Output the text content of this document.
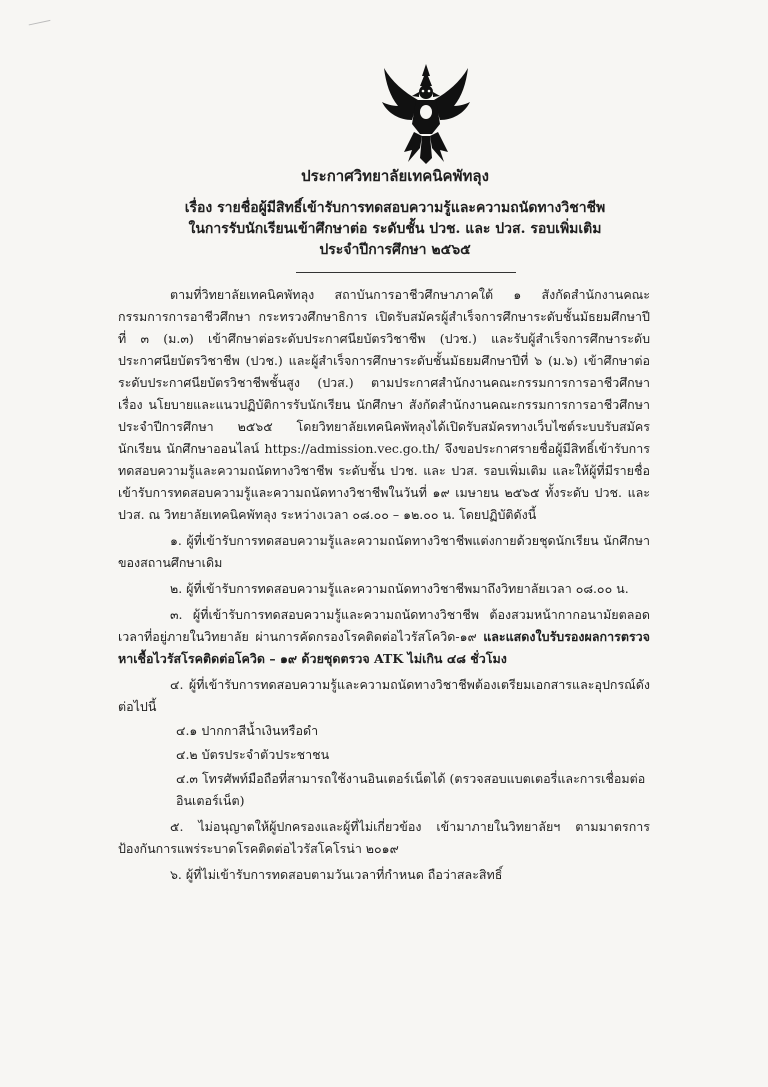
ประกาศวิทยาลัยเทคนิคพัทลุง

เรื่อง รายชื่อผู้มีสิทธิ์เข้ารับการทดสอบความรู้และความถนัดทางวิชาชีพ

ในการรับนักเรียนเข้าศึกษาต่อ ระดับชั้น ปวช. และ ปวส. รอบเพิ่มเติม

ประจำปีการศึกษา ๒๕๖๕

ตามที่วิทยาลัยเทคนิคพัทลุง สถาบันการอาชีวศึกษาภาคใต้ ๑ สังกัดสำนักงานคณะกรรมการการอาชีวศึกษา กระทรวงศึกษาธิการ เปิดรับสมัครผู้สำเร็จการศึกษาระดับชั้นมัธยมศึกษาปีที่ ๓ (ม.๓) เข้าศึกษาต่อระดับประกาศนียบัตรวิชาชีพ (ปวช.) และรับผู้สำเร็จการศึกษาระดับประกาศนียบัตรวิชาชีพ (ปวช.) และผู้สำเร็จการศึกษาระดับชั้นมัธยมศึกษาปีที่ ๖ (ม.๖) เข้าศึกษาต่อระดับประกาศนียบัตรวิชาชีพชั้นสูง (ปวส.) ตามประกาศสำนักงานคณะกรรมการการอาชีวศึกษา เรื่อง นโยบายและแนวปฏิบัติการรับนักเรียน นักศึกษา สังกัดสำนักงานคณะกรรมการการอาชีวศึกษา ประจำปีการศึกษา ๒๕๖๕ โดยวิทยาลัยเทคนิคพัทลุงได้เปิดรับสมัครทางเว็บไซต์ระบบรับสมัครนักเรียน นักศึกษาออนไลน์ https://admission.vec.go.th/ จึงขอประกาศรายชื่อผู้มีสิทธิ์เข้ารับการทดสอบความรู้และความถนัดทางวิชาชีพ ระดับชั้น ปวช. และ ปวส. รอบเพิ่มเติม และให้ผู้ที่มีรายชื่อเข้ารับการทดสอบความรู้และความถนัดทางวิชาชีพในวันที่ ๑๙ เมษายน ๒๕๖๕ ทั้งระดับ ปวช. และ ปวส. ณ วิทยาลัยเทคนิคพัทลุง ระหว่างเวลา ๐๘.๐๐ – ๑๒.๐๐ น. โดยปฏิบัติดังนี้

๑. ผู้ที่เข้ารับการทดสอบความรู้และความถนัดทางวิชาชีพแต่งกายด้วยชุดนักเรียน นักศึกษาของสถานศึกษาเดิม

๒. ผู้ที่เข้ารับการทดสอบความรู้และความถนัดทางวิชาชีพมาถึงวิทยาลัยเวลา ๐๘.๐๐ น.

๓. ผู้ที่เข้ารับการทดสอบความรู้และความถนัดทางวิชาชีพ ต้องสวมหน้ากากอนามัยตลอดเวลาที่อยู่ภายในวิทยาลัย ผ่านการคัดกรองโรคติดต่อไวรัสโควิด-๑๙ และแสดงใบรับรองผลการตรวจหาเชื้อไวรัสโรคติดต่อโควิด – ๑๙ ด้วยชุดตรวจ ATK ไม่เกิน ๔๘ ชั่วโมง

๔. ผู้ที่เข้ารับการทดสอบความรู้และความถนัดทางวิชาชีพต้องเตรียมเอกสารและอุปกรณ์ดังต่อไปนี้

๔.๑ ปากกาสีน้ำเงินหรือดำ

๔.๒ บัตรประจำตัวประชาชน

๔.๓ โทรศัพท์มือถือที่สามารถใช้งานอินเตอร์เน็ตได้ (ตรวจสอบแบตเตอรี่และการเชื่อมต่ออินเตอร์เน็ต)

๕. ไม่อนุญาตให้ผู้ปกครองและผู้ที่ไม่เกี่ยวข้อง เข้ามาภายในวิทยาลัยฯ ตามมาตรการป้องกันการแพร่ระบาดโรคติดต่อไวรัสโคโรน่า ๒๐๑๙

๖. ผู้ที่ไม่เข้ารับการทดสอบตามวันเวลาที่กำหนด ถือว่าสละสิทธิ์
